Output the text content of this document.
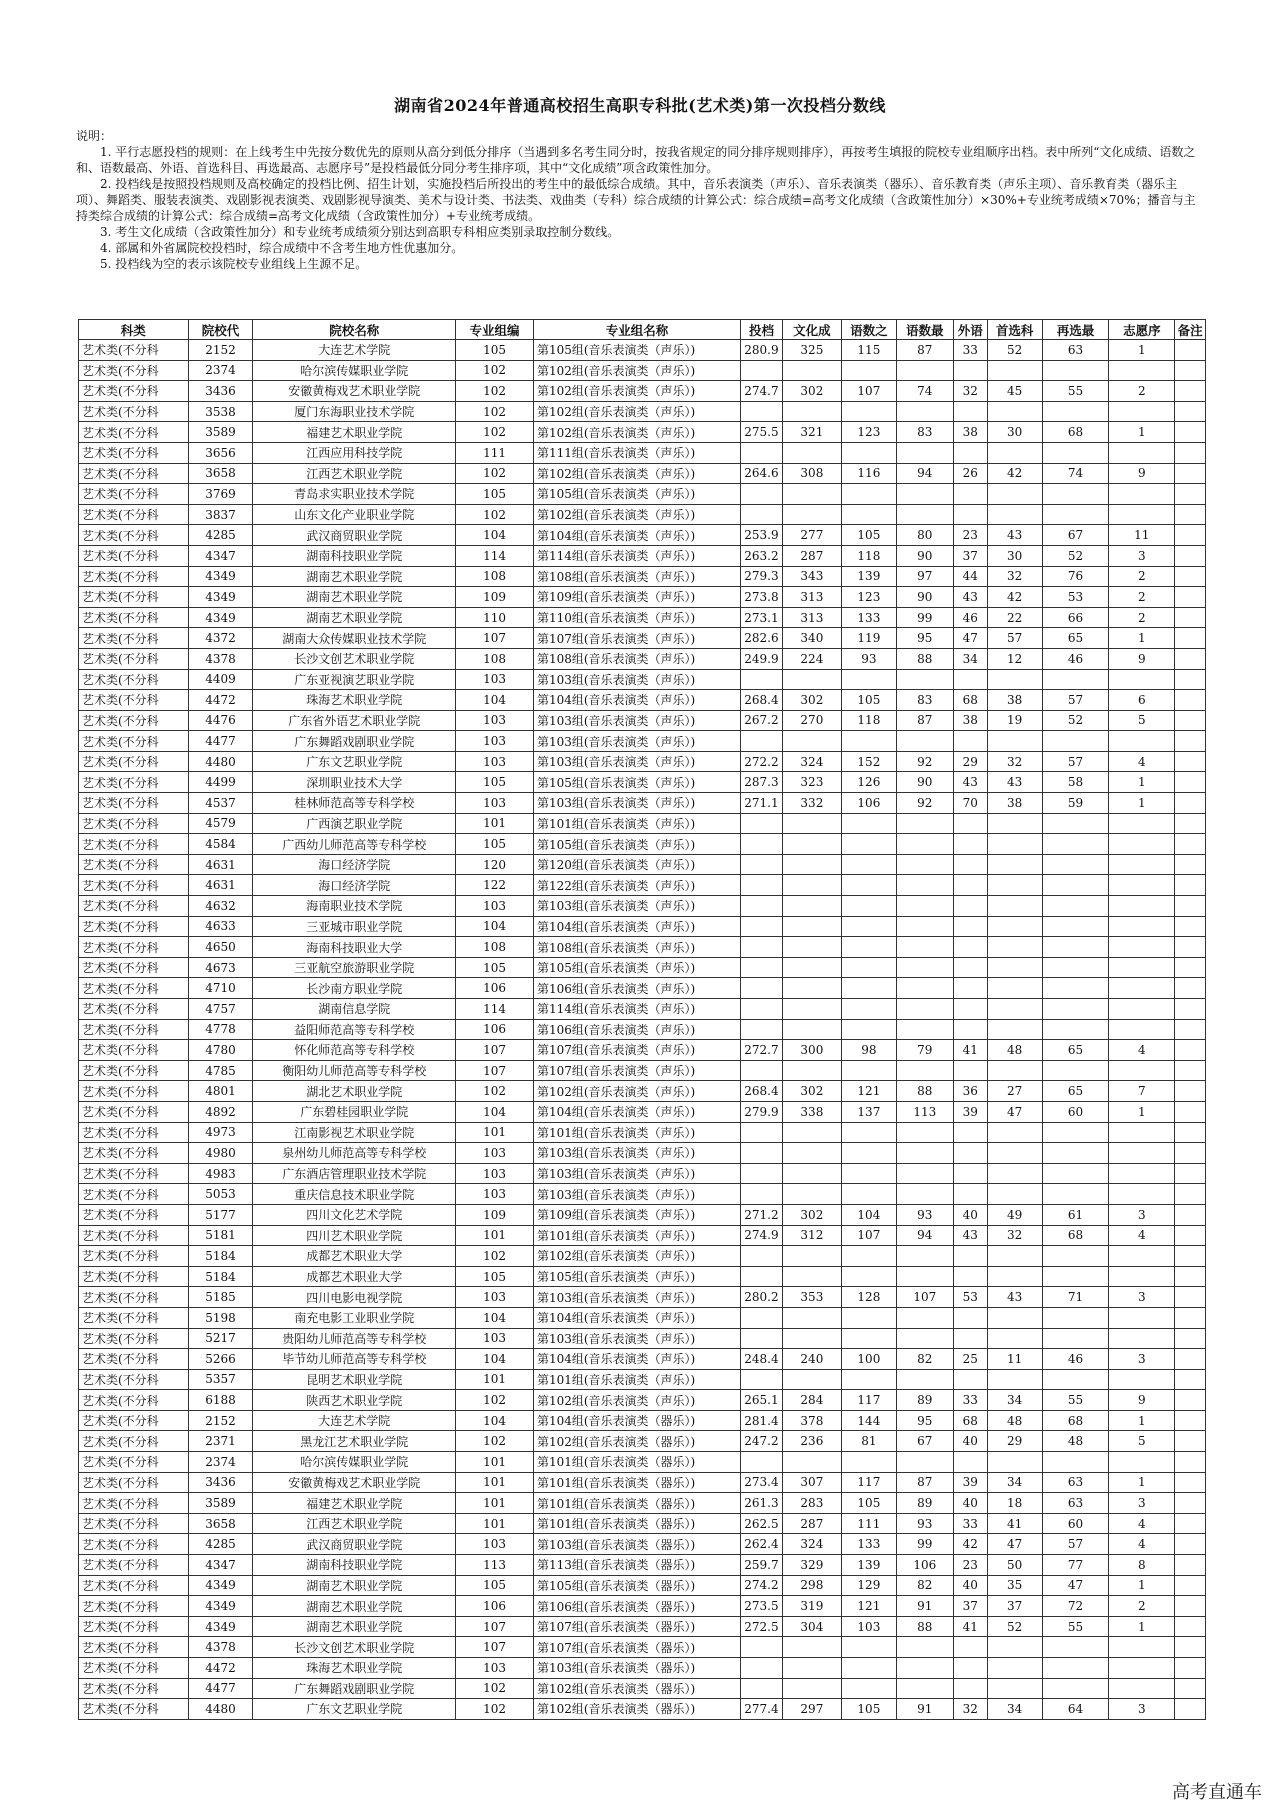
湖南省2024年普通高校招生高职专科批(艺术类)第一次投档分数线
说明：
1. 平行志愿投档的规则：在上线考生中先按分数优先的原则从高分到低分排序（当遇到多名考生同分时，按我省规定的同分排序规则排序），再按考生填报的院校专业组顺序出档。表中所列“文化成绩、语数之和、语数最高、外语、首选科目、再选最高、志愿序号”是投档最低分同分考生排序项，其中“文化成绩”项含政策性加分。
2. 投档线是按照投档规则及高校确定的投档比例、招生计划，实施投档后所投出的考生中的最低综合成绩。其中，音乐表演类（声乐）、音乐表演类（器乐）、音乐教育类（声乐主项）、音乐教育类（器乐主项）、舞蹈类、服装表演类、戏剧影视表演类、戏剧影视导演类、美术与设计类、书法类、戏曲类（专科）综合成绩的计算公式：综合成绩=高考文化成绩（含政策性加分）×30%+专业统考成绩×70%；播音与主持类综合成绩的计算公式：综合成绩=高考文化成绩（含政策性加分）+专业统考成绩。
3. 考生文化成绩（含政策性加分）和专业统考成绩须分别达到高职专科相应类别录取控制分数线。
4. 部属和外省属院校投档时，综合成绩中不含考生地方性优惠加分。
5. 投档线为空的表示该院校专业组线上生源不足。
科类	院校代	院校名称	专业组编	专业组名称	投档	文化成	语数之	语数最	外语	首选科	再选最	志愿序	备注
艺术类(不分科	2152	大连艺术学院	105	第105组(音乐表演类（声乐）)	280.9	325	115	87	33	52	63	1	
艺术类(不分科	2374	哈尔滨传媒职业学院	102	第102组(音乐表演类（声乐）)									
艺术类(不分科	3436	安徽黄梅戏艺术职业学院	102	第102组(音乐表演类（声乐）)	274.7	302	107	74	32	45	55	2	
艺术类(不分科	3538	厦门东海职业技术学院	102	第102组(音乐表演类（声乐）)									
艺术类(不分科	3589	福建艺术职业学院	102	第102组(音乐表演类（声乐）)	275.5	321	123	83	38	30	68	1	
艺术类(不分科	3656	江西应用科技学院	111	第111组(音乐表演类（声乐）)									
艺术类(不分科	3658	江西艺术职业学院	102	第102组(音乐表演类（声乐）)	264.6	308	116	94	26	42	74	9	
艺术类(不分科	3769	青岛求实职业技术学院	105	第105组(音乐表演类（声乐）)									
艺术类(不分科	3837	山东文化产业职业学院	102	第102组(音乐表演类（声乐）)									
艺术类(不分科	4285	武汉商贸职业学院	104	第104组(音乐表演类（声乐）)	253.9	277	105	80	23	43	67	11	
艺术类(不分科	4347	湖南科技职业学院	114	第114组(音乐表演类（声乐）)	263.2	287	118	90	37	30	52	3	
艺术类(不分科	4349	湖南艺术职业学院	108	第108组(音乐表演类（声乐）)	279.3	343	139	97	44	32	76	2	
艺术类(不分科	4349	湖南艺术职业学院	109	第109组(音乐表演类（声乐）)	273.8	313	123	90	43	42	53	2	
艺术类(不分科	4349	湖南艺术职业学院	110	第110组(音乐表演类（声乐）)	273.1	313	133	99	46	22	66	2	
艺术类(不分科	4372	湖南大众传媒职业技术学院	107	第107组(音乐表演类（声乐）)	282.6	340	119	95	47	57	65	1	
艺术类(不分科	4378	长沙文创艺术职业学院	108	第108组(音乐表演类（声乐）)	249.9	224	93	88	34	12	46	9	
艺术类(不分科	4409	广东亚视演艺职业学院	103	第103组(音乐表演类（声乐）)									
艺术类(不分科	4472	珠海艺术职业学院	104	第104组(音乐表演类（声乐）)	268.4	302	105	83	68	38	57	6	
艺术类(不分科	4476	广东省外语艺术职业学院	103	第103组(音乐表演类（声乐）)	267.2	270	118	87	38	19	52	5	
艺术类(不分科	4477	广东舞蹈戏剧职业学院	103	第103组(音乐表演类（声乐）)									
艺术类(不分科	4480	广东文艺职业学院	103	第103组(音乐表演类（声乐）)	272.2	324	152	92	29	32	57	4	
艺术类(不分科	4499	深圳职业技术大学	105	第105组(音乐表演类（声乐）)	287.3	323	126	90	43	43	58	1	
艺术类(不分科	4537	桂林师范高等专科学校	103	第103组(音乐表演类（声乐）)	271.1	332	106	92	70	38	59	1	
艺术类(不分科	4579	广西演艺职业学院	101	第101组(音乐表演类（声乐）)									
艺术类(不分科	4584	广西幼儿师范高等专科学校	105	第105组(音乐表演类（声乐）)									
艺术类(不分科	4631	海口经济学院	120	第120组(音乐表演类（声乐）)									
艺术类(不分科	4631	海口经济学院	122	第122组(音乐表演类（声乐）)									
艺术类(不分科	4632	海南职业技术学院	103	第103组(音乐表演类（声乐）)									
艺术类(不分科	4633	三亚城市职业学院	104	第104组(音乐表演类（声乐）)									
艺术类(不分科	4650	海南科技职业大学	108	第108组(音乐表演类（声乐）)									
艺术类(不分科	4673	三亚航空旅游职业学院	105	第105组(音乐表演类（声乐）)									
艺术类(不分科	4710	长沙南方职业学院	106	第106组(音乐表演类（声乐）)									
艺术类(不分科	4757	湖南信息学院	114	第114组(音乐表演类（声乐）)									
艺术类(不分科	4778	益阳师范高等专科学校	106	第106组(音乐表演类（声乐）)									
艺术类(不分科	4780	怀化师范高等专科学校	107	第107组(音乐表演类（声乐）)	272.7	300	98	79	41	48	65	4	
艺术类(不分科	4785	衡阳幼儿师范高等专科学校	107	第107组(音乐表演类（声乐）)									
艺术类(不分科	4801	湖北艺术职业学院	102	第102组(音乐表演类（声乐）)	268.4	302	121	88	36	27	65	7	
艺术类(不分科	4892	广东碧桂园职业学院	104	第104组(音乐表演类（声乐）)	279.9	338	137	113	39	47	60	1	
艺术类(不分科	4973	江南影视艺术职业学院	101	第101组(音乐表演类（声乐）)									
艺术类(不分科	4980	泉州幼儿师范高等专科学校	103	第103组(音乐表演类（声乐）)									
艺术类(不分科	4983	广东酒店管理职业技术学院	103	第103组(音乐表演类（声乐）)									
艺术类(不分科	5053	重庆信息技术职业学院	103	第103组(音乐表演类（声乐）)									
艺术类(不分科	5177	四川文化艺术学院	109	第109组(音乐表演类（声乐）)	271.2	302	104	93	40	49	61	3	
艺术类(不分科	5181	四川艺术职业学院	101	第101组(音乐表演类（声乐）)	274.9	312	107	94	43	32	68	4	
艺术类(不分科	5184	成都艺术职业大学	102	第102组(音乐表演类（声乐）)									
艺术类(不分科	5184	成都艺术职业大学	105	第105组(音乐表演类（声乐）)									
艺术类(不分科	5185	四川电影电视学院	103	第103组(音乐表演类（声乐）)	280.2	353	128	107	53	43	71	3	
艺术类(不分科	5198	南充电影工业职业学院	104	第104组(音乐表演类（声乐）)									
艺术类(不分科	5217	贵阳幼儿师范高等专科学校	103	第103组(音乐表演类（声乐）)									
艺术类(不分科	5266	毕节幼儿师范高等专科学校	104	第104组(音乐表演类（声乐）)	248.4	240	100	82	25	11	46	3	
艺术类(不分科	5357	昆明艺术职业学院	101	第101组(音乐表演类（声乐）)									
艺术类(不分科	6188	陕西艺术职业学院	102	第102组(音乐表演类（声乐）)	265.1	284	117	89	33	34	55	9	
艺术类(不分科	2152	大连艺术学院	104	第104组(音乐表演类（器乐）)	281.4	378	144	95	68	48	68	1	
艺术类(不分科	2371	黑龙江艺术职业学院	102	第102组(音乐表演类（器乐）)	247.2	236	81	67	40	29	48	5	
艺术类(不分科	2374	哈尔滨传媒职业学院	101	第101组(音乐表演类（器乐）)									
艺术类(不分科	3436	安徽黄梅戏艺术职业学院	101	第101组(音乐表演类（器乐）)	273.4	307	117	87	39	34	63	1	
艺术类(不分科	3589	福建艺术职业学院	101	第101组(音乐表演类（器乐）)	261.3	283	105	89	40	18	63	3	
艺术类(不分科	3658	江西艺术职业学院	101	第101组(音乐表演类（器乐）)	262.5	287	111	93	33	41	60	4	
艺术类(不分科	4285	武汉商贸职业学院	103	第103组(音乐表演类（器乐）)	262.4	324	133	99	42	47	57	4	
艺术类(不分科	4347	湖南科技职业学院	113	第113组(音乐表演类（器乐）)	259.7	329	139	106	23	50	77	8	
艺术类(不分科	4349	湖南艺术职业学院	105	第105组(音乐表演类（器乐）)	274.2	298	129	82	40	35	47	1	
艺术类(不分科	4349	湖南艺术职业学院	106	第106组(音乐表演类（器乐）)	273.5	319	121	91	37	37	72	2	
艺术类(不分科	4349	湖南艺术职业学院	107	第107组(音乐表演类（器乐）)	272.5	304	103	88	41	52	55	1	
艺术类(不分科	4378	长沙文创艺术职业学院	107	第107组(音乐表演类（器乐）)									
艺术类(不分科	4472	珠海艺术职业学院	103	第103组(音乐表演类（器乐）)									
艺术类(不分科	4477	广东舞蹈戏剧职业学院	102	第102组(音乐表演类（器乐）)									
艺术类(不分科	4480	广东文艺职业学院	102	第102组(音乐表演类（器乐）)	277.4	297	105	91	32	34	64	3	
高考直通车
